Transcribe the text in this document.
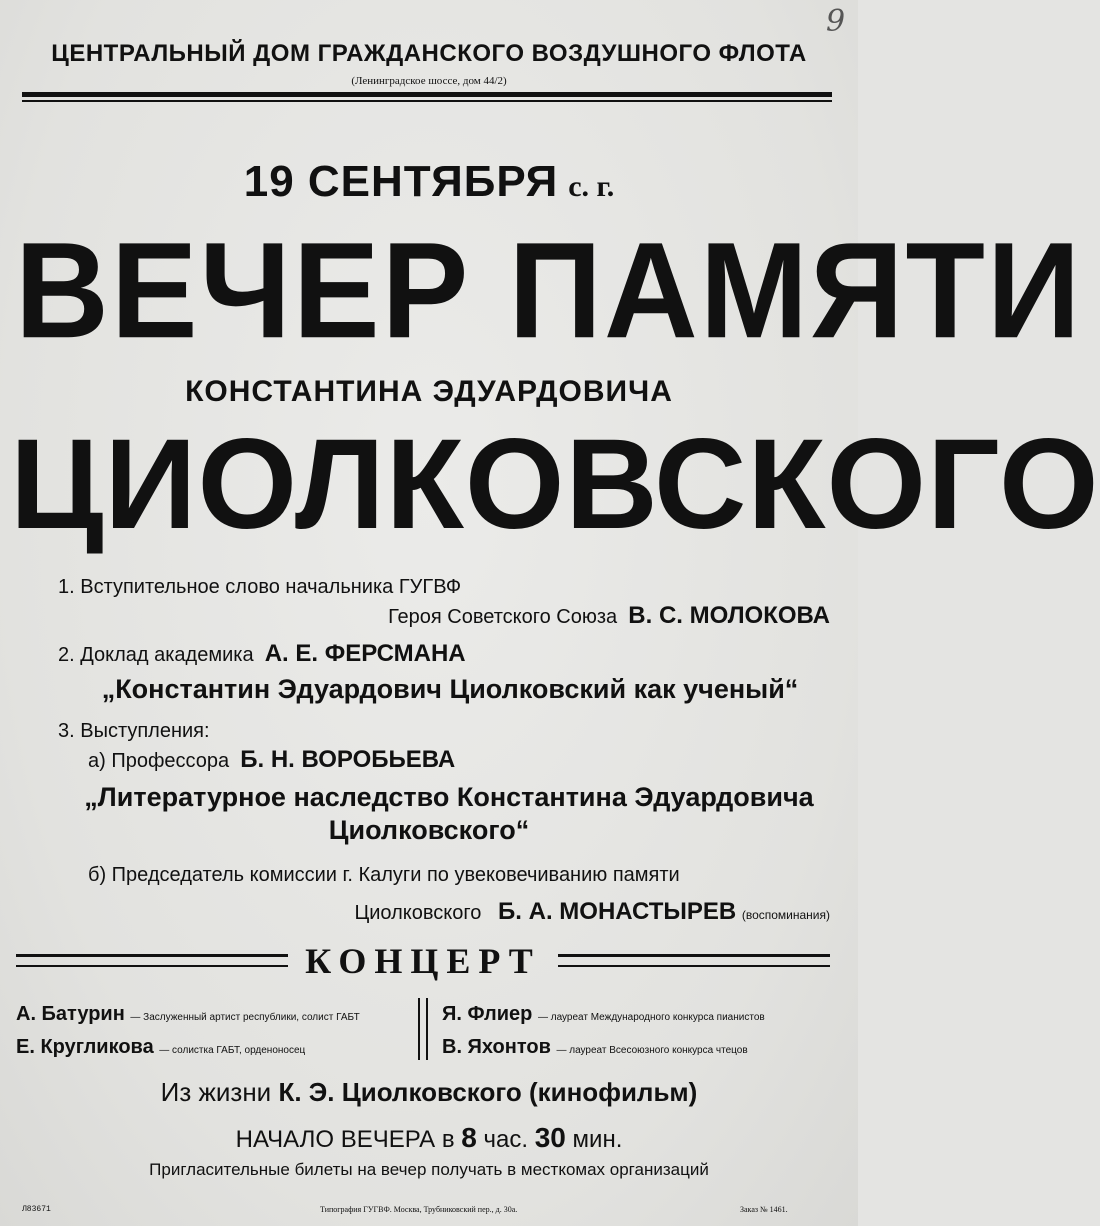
9
ЦЕНТРАЛЬНЫЙ ДОМ ГРАЖДАНСКОГО ВОЗДУШНОГО ФЛОТА
(Ленинградское шоссе, дом 44/2)
19 СЕНТЯБРЯ с. г.
ВЕЧЕР ПАМЯТИ
КОНСТАНТИНА ЭДУАРДОВИЧА
ЦИОЛКОВСКОГО
1. Вступительное слово начальника ГУГВФ
Героя Советского Союза В. С. МОЛОКОВА
2. Доклад академика А. Е. ФЕРСМАНА
„Константин Эдуардович Циолковский как ученый“
3. Выступления:
а) Профессора Б. Н. ВОРОБЬЕВА
„Литературное наследство Константина Эдуардовича
Циолковского“
б) Председатель комиссии г. Калуги по увековечиванию памяти
Циолковского Б. А. МОНАСТЫРЕВ (воспоминания)
КОНЦЕРТ
А. Батурин — Заслуженный артист республики, солист ГАБТ
Е. Кругликова — солистка ГАБТ, орденоносец
Я. Флиер — лауреат Международного конкурса пианистов
В. Яхонтов — лауреат Всесоюзного конкурса чтецов
Из жизни К. Э. Циолковского (кинофильм)
НАЧАЛО ВЕЧЕРА в 8 час. 30 мин.
Пригласительные билеты на вечер получать в месткомах организаций
Л83671	Типография ГУГВФ. Москва, Трубниковский пер., д. 30а.	Заказ № 1461.
